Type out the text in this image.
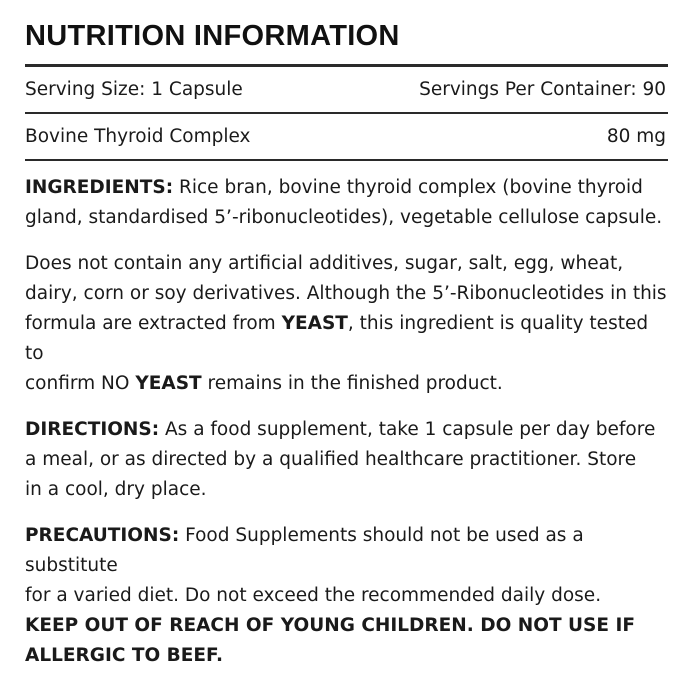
NUTRITION INFORMATION
Serving Size: 1 Capsule	Servings Per Container: 90
Bovine Thyroid Complex	80 mg

INGREDIENTS: Rice bran, bovine thyroid complex (bovine thyroid
gland, standardised 5’-ribonucleotides), vegetable cellulose capsule.

Does not contain any artificial additives, sugar, salt, egg, wheat,
dairy, corn or soy derivatives. Although the 5’-Ribonucleotides in this
formula are extracted from YEAST, this ingredient is quality tested to
confirm NO YEAST remains in the finished product.

DIRECTIONS: As a food supplement, take 1 capsule per day before
a meal, or as directed by a qualified healthcare practitioner. Store
in a cool, dry place.

PRECAUTIONS: Food Supplements should not be used as a substitute
for a varied diet. Do not exceed the recommended daily dose.
KEEP OUT OF REACH OF YOUNG CHILDREN. DO NOT USE IF
ALLERGIC TO BEEF.
